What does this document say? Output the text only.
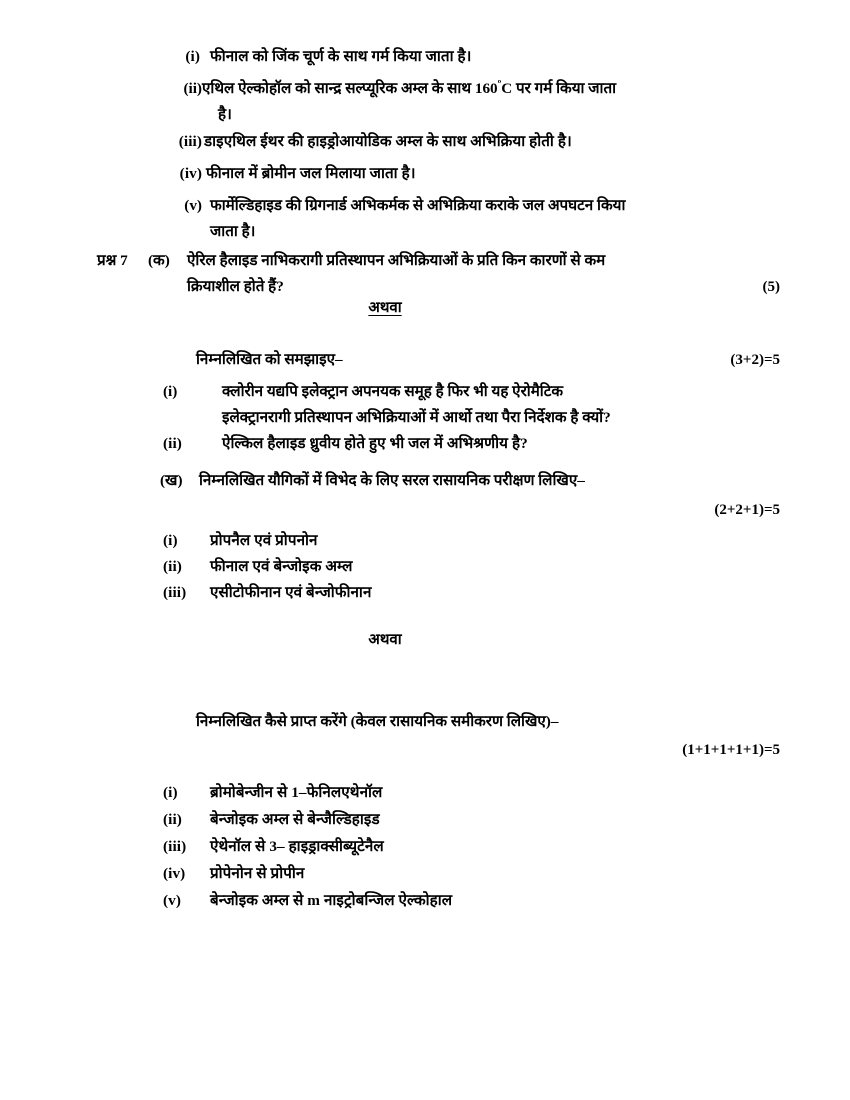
(i) फीनाल को जिंक चूर्ण के साथ गर्म किया जाता है।
(ii) एथिल ऐल्कोहॉल को सान्द्र सल्प्यूरिक अम्ल के साथ $160^ºC$ पर गर्म किया जाता
है।
(iii) डाइएथिल ईथर की हाइड्रोआयोडिक अम्ल के साथ अभिक्रिया होती है।
(iv) फीनाल में ब्रोमीन जल मिलाया जाता है।
(v) फार्मेल्डिहाइड की ग्रिगनार्ड अभिकर्मक से अभिक्रिया कराके जल अपघटन किया
जाता है।
प्रश्न 7 (क) ऐरिल हैलाइड नाभिकरागी प्रतिस्थापन अभिक्रियाओं के प्रति किन कारणों से कम
क्रियाशील होते हैं?	(5)
अथवा
निम्नलिखित को समझाइए–	(3+2)=5
(i)	क्लोरीन यद्यपि इलेक्ट्रान अपनयक समूह है फिर भी यह ऐरोमैटिक
इलेक्ट्रानरागी प्रतिस्थापन अभिक्रियाओं में आर्थो तथा पैरा निर्देशक है क्यों?
(ii)	ऐल्किल हैलाइड ध्रुवीय होते हुए भी जल में अभिश्रणीय है?
(ख) निम्नलिखित यौगिकों में विभेद के लिए सरल रासायनिक परीक्षण लिखिए–
(2+2+1)=5
(i)	प्रोपनैल एवं प्रोपनोन
(ii)	फीनाल एवं बेन्जोइक अम्ल
(iii)	एसीटोफीनान एवं बेन्जोफीनान
अथवा
निम्नलिखित कैसे प्राप्त करेंगे (केवल रासायनिक समीकरण लिखिए)–
(1+1+1+1+1)=5
(i)	ब्रोमोबेन्जीन से 1–फेनिलएथेनॉल
(ii)	बेन्जोइक अम्ल से बेन्जैल्डिहाइड
(iii)	ऐथेनॉल से 3– हाइड्राक्सीब्यूटेनैल
(iv)	प्रोपेनोन से प्रोपीन
(v)	बेन्जोइक अम्ल से m नाइट्रोबन्जिल ऐल्कोहाल
